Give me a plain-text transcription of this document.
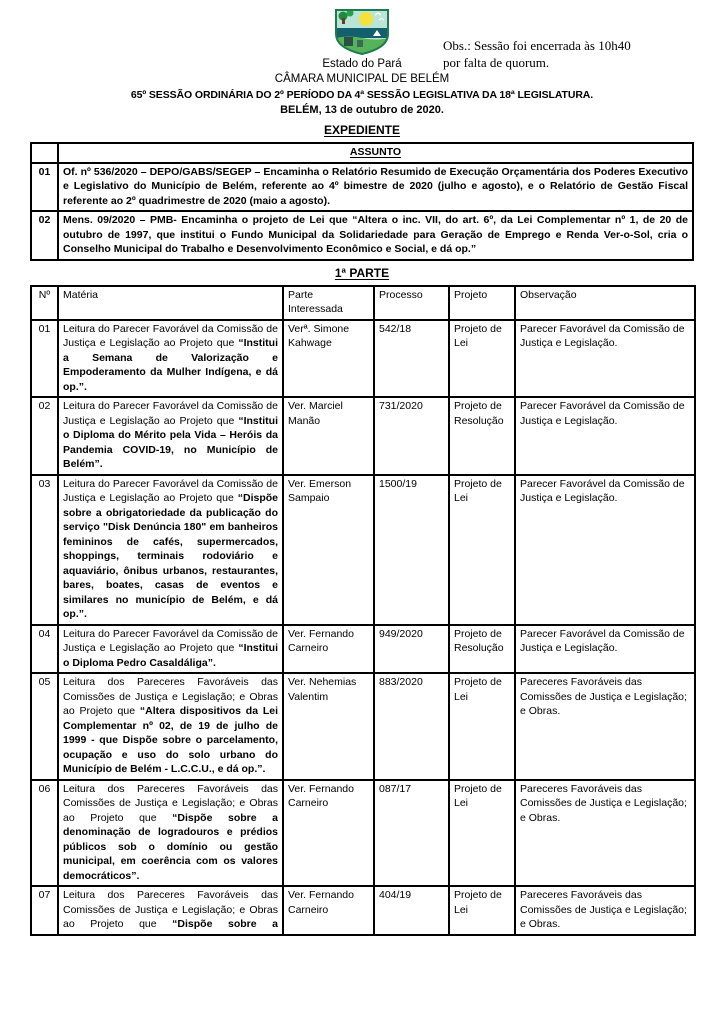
Obs.: Sessão foi encerrada às 10h40
por falta de quorum.
Estado do Pará
CÂMARA MUNICIPAL DE BELÉM
65º SESSÃO ORDINÁRIA DO 2º PERÍODO DA 4ª SESSÃO LEGISLATIVA DA 18ª LEGISLATURA.
BELÉM, 13 de outubro de 2020.
EXPEDIENTE
	ASSUNTO
01	Of. nº 536/2020 – DEPO/GABS/SEGEP – Encaminha o Relatório Resumido de Execução Orçamentária dos Poderes Executivo e Legislativo do Município de Belém, referente ao 4º bimestre de 2020 (julho e agosto), e o Relatório de Gestão Fiscal referente ao 2º quadrimestre de 2020 (maio a agosto).
02	Mens. 09/2020 – PMB- Encaminha o projeto de Lei que “Altera o inc. VII, do art. 6º, da Lei Complementar nº 1, de 20 de outubro de 1997, que institui o Fundo Municipal da Solidariedade para Geração de Emprego e Renda Ver-o-Sol, cria o Conselho Municipal do Trabalho e Desenvolvimento Econômico e Social, e dá op.”
1ª PARTE
Nº	Matéria	Parte Interessada	Processo	Projeto	Observação
01	Leitura do Parecer Favorável da Comissão de Justiça e Legislação ao Projeto que “Institui a Semana de Valorização e Empoderamento da Mulher Indígena, e dá op.”.	Verª. Simone Kahwage	542/18	Projeto de Lei	Parecer Favorável da Comissão de Justiça e Legislação.
02	Leitura do Parecer Favorável da Comissão de Justiça e Legislação ao Projeto que “Institui o Diploma do Mérito pela Vida – Heróis da Pandemia COVID-19, no Município de Belém”.	Ver. Marciel Manão	731/2020	Projeto de Resolução	Parecer Favorável da Comissão de Justiça e Legislação.
03	Leitura do Parecer Favorável da Comissão de Justiça e Legislação ao Projeto que “Dispõe sobre a obrigatoriedade da publicação do serviço "Disk Denúncia 180" em banheiros femininos de cafés, supermercados, shoppings, terminais rodoviário e aquaviário, ônibus urbanos, restaurantes, bares, boates, casas de eventos e similares no município de Belém, e dá op.”.	Ver. Emerson Sampaio	1500/19	Projeto de Lei	Parecer Favorável da Comissão de Justiça e Legislação.
04	Leitura do Parecer Favorável da Comissão de Justiça e Legislação ao Projeto que “Institui o Diploma Pedro Casaldáliga”.	Ver. Fernando Carneiro	949/2020	Projeto de Resolução	Parecer Favorável da Comissão de Justiça e Legislação.
05	Leitura dos Pareceres Favoráveis das Comissões de Justiça e Legislação; e Obras ao Projeto que “Altera dispositivos da Lei Complementar nº 02, de 19 de julho de 1999 - que Dispõe sobre o parcelamento, ocupação e uso do solo urbano do Município de Belém - L.C.C.U., e dá op.”.	Ver. Nehemias Valentim	883/2020	Projeto de Lei	Pareceres Favoráveis das Comissões de Justiça e Legislação; e Obras.
06	Leitura dos Pareceres Favoráveis das Comissões de Justiça e Legislação; e Obras ao Projeto que “Dispõe sobre a denominação de logradouros e prédios públicos sob o domínio ou gestão municipal, em coerência com os valores democráticos”.	Ver. Fernando Carneiro	087/17	Projeto de Lei	Pareceres Favoráveis das Comissões de Justiça e Legislação; e Obras.
07	Leitura dos Pareceres Favoráveis das Comissões de Justiça e Legislação; e Obras ao Projeto que “Dispõe sobre a	Ver. Fernando Carneiro	404/19	Projeto de Lei	Pareceres Favoráveis das Comissões de Justiça e Legislação; e Obras.
